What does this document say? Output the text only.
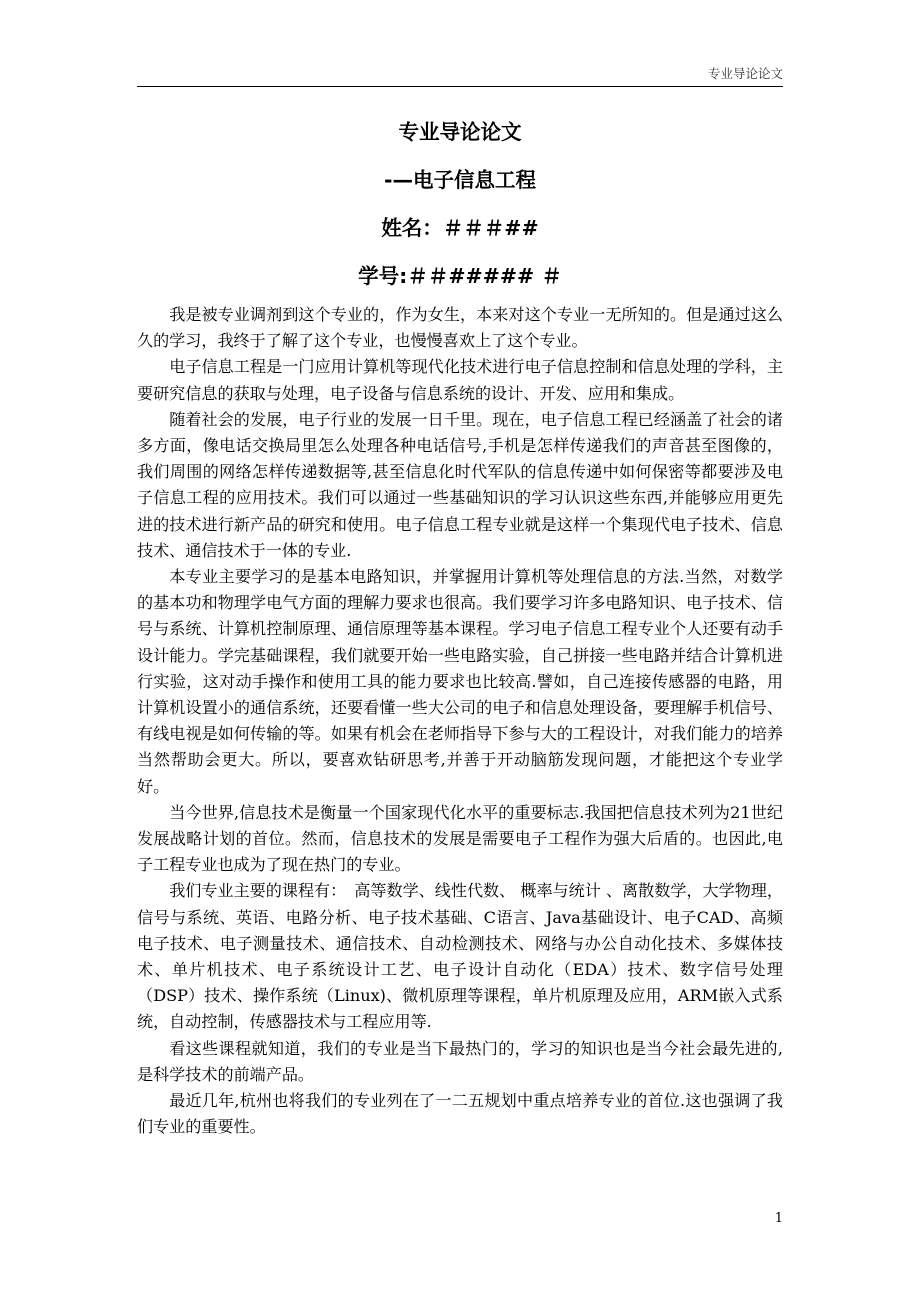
专业导论论文
专业导论论文
-—电子信息工程
姓名：＃＃＃##
学号:＃＃##### ＃

我是被专业调剂到这个专业的，作为女生，本来对这个专业一无所知的。但是通过这么久的学习，我终于了解了这个专业，也慢慢喜欢上了这个专业。

电子信息工程是一门应用计算机等现代化技术进行电子信息控制和信息处理的学科，主要研究信息的获取与处理，电子设备与信息系统的设计、开发、应用和集成。

随着社会的发展，电子行业的发展一日千里。现在，电子信息工程已经涵盖了社会的诸多方面，像电话交换局里怎么处理各种电话信号,手机是怎样传递我们的声音甚至图像的，我们周围的网络怎样传递数据等,甚至信息化时代军队的信息传递中如何保密等都要涉及电子信息工程的应用技术。我们可以通过一些基础知识的学习认识这些东西,并能够应用更先进的技术进行新产品的研究和使用。电子信息工程专业就是这样一个集现代电子技术、信息技术、通信技术于一体的专业.

本专业主要学习的是基本电路知识，并掌握用计算机等处理信息的方法.当然，对数学的基本功和物理学电气方面的理解力要求也很高。我们要学习许多电路知识、电子技术、信号与系统、计算机控制原理、通信原理等基本课程。学习电子信息工程专业个人还要有动手设计能力。学完基础课程，我们就要开始一些电路实验，自己拼接一些电路并结合计算机进行实验，这对动手操作和使用工具的能力要求也比较高.譬如，自己连接传感器的电路，用计算机设置小的通信系统，还要看懂一些大公司的电子和信息处理设备，要理解手机信号、有线电视是如何传输的等。如果有机会在老师指导下参与大的工程设计，对我们能力的培养当然帮助会更大。所以，要喜欢钻研思考,并善于开动脑筋发现问题，才能把这个专业学好。

当今世界,信息技术是衡量一个国家现代化水平的重要标志.我国把信息技术列为21世纪发展战略计划的首位。然而，信息技术的发展是需要电子工程作为强大后盾的。也因此,电子工程专业也成为了现在热门的专业。

我们专业主要的课程有：　高等数学、线性代数、 概率与统计 、离散数学，大学物理，信号与系统、英语、电路分析、电子技术基础、C语言、Java基础设计、电子CAD、高频电子技术、电子测量技术、通信技术、自动检测技术、网络与办公自动化技术、多媒体技术、单片机技术、电子系统设计工艺、电子设计自动化（EDA）技术、数字信号处理（DSP）技术、操作系统（Linux)、微机原理等课程，单片机原理及应用，ARM嵌入式系统，自动控制，传感器技术与工程应用等.

看这些课程就知道，我们的专业是当下最热门的，学习的知识也是当今社会最先进的,是科学技术的前端产品。

最近几年,杭州也将我们的专业列在了一二五规划中重点培养专业的首位.这也强调了我们专业的重要性。

1
